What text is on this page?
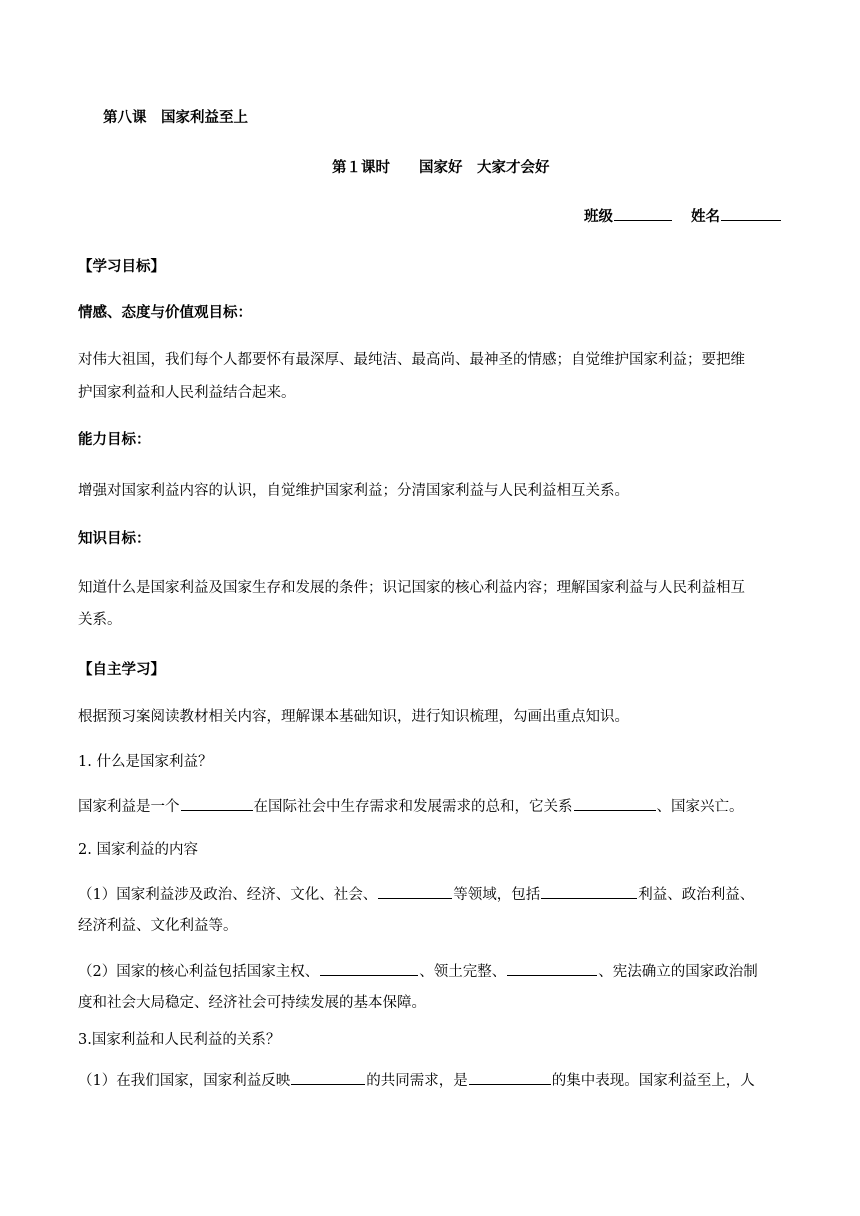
第八课　国家利益至上
第１课时　　国家好　大家才会好
班级	姓名
【学习目标】
情感、态度与价值观目标：
对伟大祖国，我们每个人都要怀有最深厚、最纯洁、最高尚、最神圣的情感；自觉维护国家利益；要把维
护国家利益和人民利益结合起来。
能力目标：
增强对国家利益内容的认识，自觉维护国家利益；分清国家利益与人民利益相互关系。
知识目标：
知道什么是国家利益及国家生存和发展的条件；识记国家的核心利益内容；理解国家利益与人民利益相互
关系。
【自主学习】
根据预习案阅读教材相关内容，理解课本基础知识，进行知识梳理，勾画出重点知识。
1. 什么是国家利益？
国家利益是一个	在国际社会中生存需求和发展需求的总和，它关系	、国家兴亡。
2. 国家利益的内容
（1）国家利益涉及政治、经济、文化、社会、	等领域，包括	利益、政治利益、
经济利益、文化利益等。
（2）国家的核心利益包括国家主权、	、领土完整、	、宪法确立的国家政治制
度和社会大局稳定、经济社会可持续发展的基本保障。
3.国家利益和人民利益的关系？
（1）在我们国家，国家利益反映	的共同需求，是	的集中表现。国家利益至上，人
